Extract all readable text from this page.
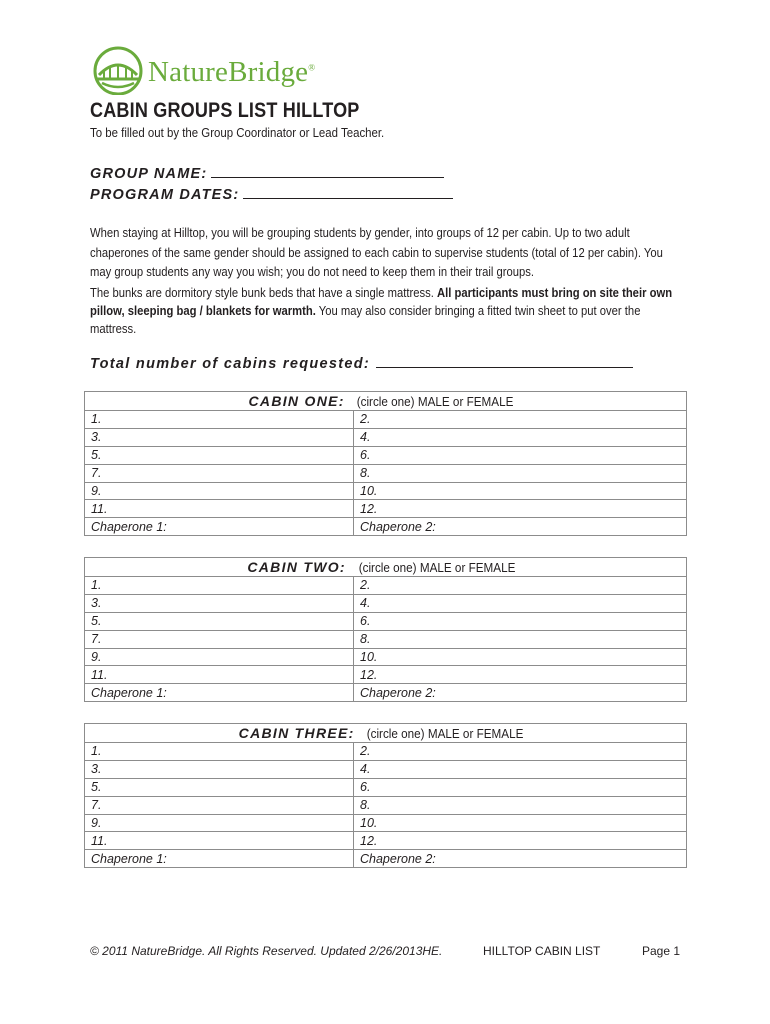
NatureBridge®
CABIN GROUPS LIST HILLTOP
To be filled out by the Group Coordinator or Lead Teacher.
GROUP NAME:
PROGRAM DATES:
When staying at Hilltop, you will be grouping students by gender, into groups of 12 per cabin. Up to two adult chaperones of the same gender should be assigned to each cabin to supervise students (total of 12 per cabin). You may group students any way you wish; you do not need to keep them in their trail groups.
The bunks are dormitory style bunk beds that have a single mattress. All participants must bring on site their own pillow, sleeping bag / blankets for warmth. You may also consider bringing a fitted twin sheet to put over the mattress.
Total number of cabins requested:
CABIN ONE: (circle one) MALE or FEMALE	
1.	2.
3.	4.
5.	6.
7.	8.
9.	10.
11.	12.
Chaperone 1:	Chaperone 2:
CABIN TWO: (circle one) MALE or FEMALE	
1.	2.
3.	4.
5.	6.
7.	8.
9.	10.
11.	12.
Chaperone 1:	Chaperone 2:
CABIN THREE: (circle one) MALE or FEMALE	
1.	2.
3.	4.
5.	6.
7.	8.
9.	10.
11.	12.
Chaperone 1:	Chaperone 2:
© 2011 NatureBridge. All Rights Reserved. Updated 2/26/2013HE.	HILLTOP CABIN LIST	Page 1
